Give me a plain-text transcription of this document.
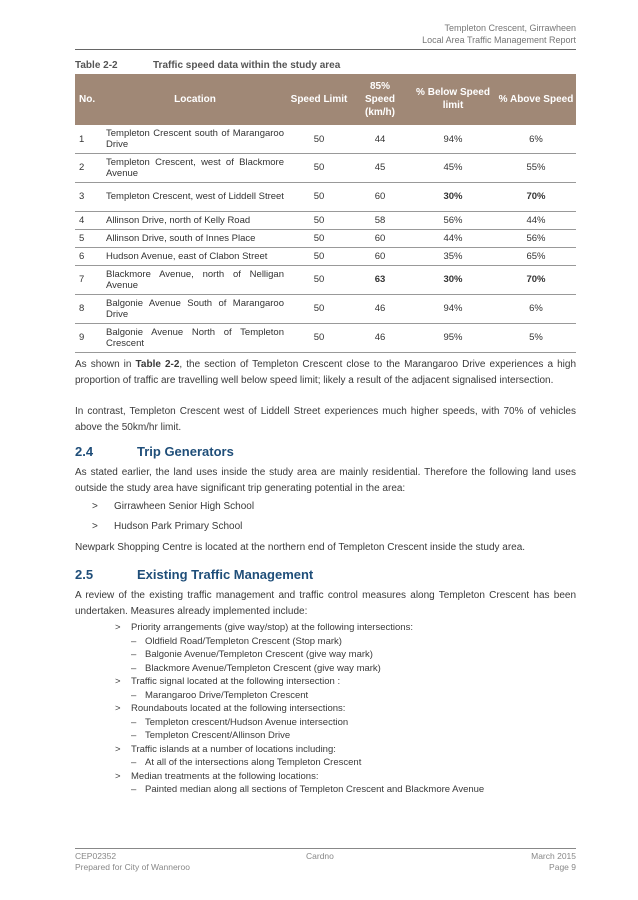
Templeton Crescent, Girrawheen
Local Area Traffic Management Report
Table 2-2	Traffic speed data within the study area
No.	Location	Speed Limit	85%
Speed
(km/h)	% Below Speed limit	% Above Speed
1	Templeton Crescent south of Marangaroo Drive	50	44	94%	6%
2	Templeton Crescent, west of Blackmore Avenue	50	45	45%	55%
3	Templeton Crescent, west of Liddell Street	50	60	30%	70%
4	Allinson Drive, north of Kelly Road	50	58	56%	44%
5	Allinson Drive, south of Innes Place	50	60	44%	56%
6	Hudson Avenue, east of Clabon Street	50	60	35%	65%
7	Blackmore Avenue, north of Nelligan Avenue	50	63	30%	70%
8	Balgonie Avenue South of Marangaroo Drive	50	46	94%	6%
9	Balgonie Avenue North of Templeton Crescent	50	46	95%	5%
As shown in Table 2-2, the section of Templeton Crescent close to the Marangaroo Drive experiences a high proportion of traffic are travelling well below speed limit; likely a result of the adjacent signalised intersection.
In contrast, Templeton Crescent west of Liddell Street experiences much higher speeds, with 70% of vehicles above the 50km/hr limit.
2.4	Trip Generators
As stated earlier, the land uses inside the study area are mainly residential. Therefore the following land uses outside the study area have significant trip generating potential in the area:
> Girrawheen Senior High School
> Hudson Park Primary School
Newpark Shopping Centre is located at the northern end of Templeton Crescent inside the study area.
2.5	Existing Traffic Management
A review of the existing traffic management and traffic control measures along Templeton Crescent has been undertaken. Measures already implemented include:
>	Priority arrangements (give way/stop) at the following intersections:
– Oldfield Road/Templeton Crescent (Stop mark)
– Balgonie Avenue/Templeton Crescent (give way mark)
– Blackmore Avenue/Templeton Crescent (give way mark)
>	Traffic signal located at the following intersection :
– Marangaroo Drive/Templeton Crescent
>	Roundabouts located at the following intersections:
– Templeton crescent/Hudson Avenue intersection
– Templeton Crescent/Allinson Drive
>	Traffic islands at a number of locations including:
– At all of the intersections along Templeton Crescent
>	Median treatments at the following locations:
– Painted median along all sections of Templeton Crescent and Blackmore Avenue
CEP02352
Prepared for City of Wanneroo
Cardno	March 2015
Page 9
